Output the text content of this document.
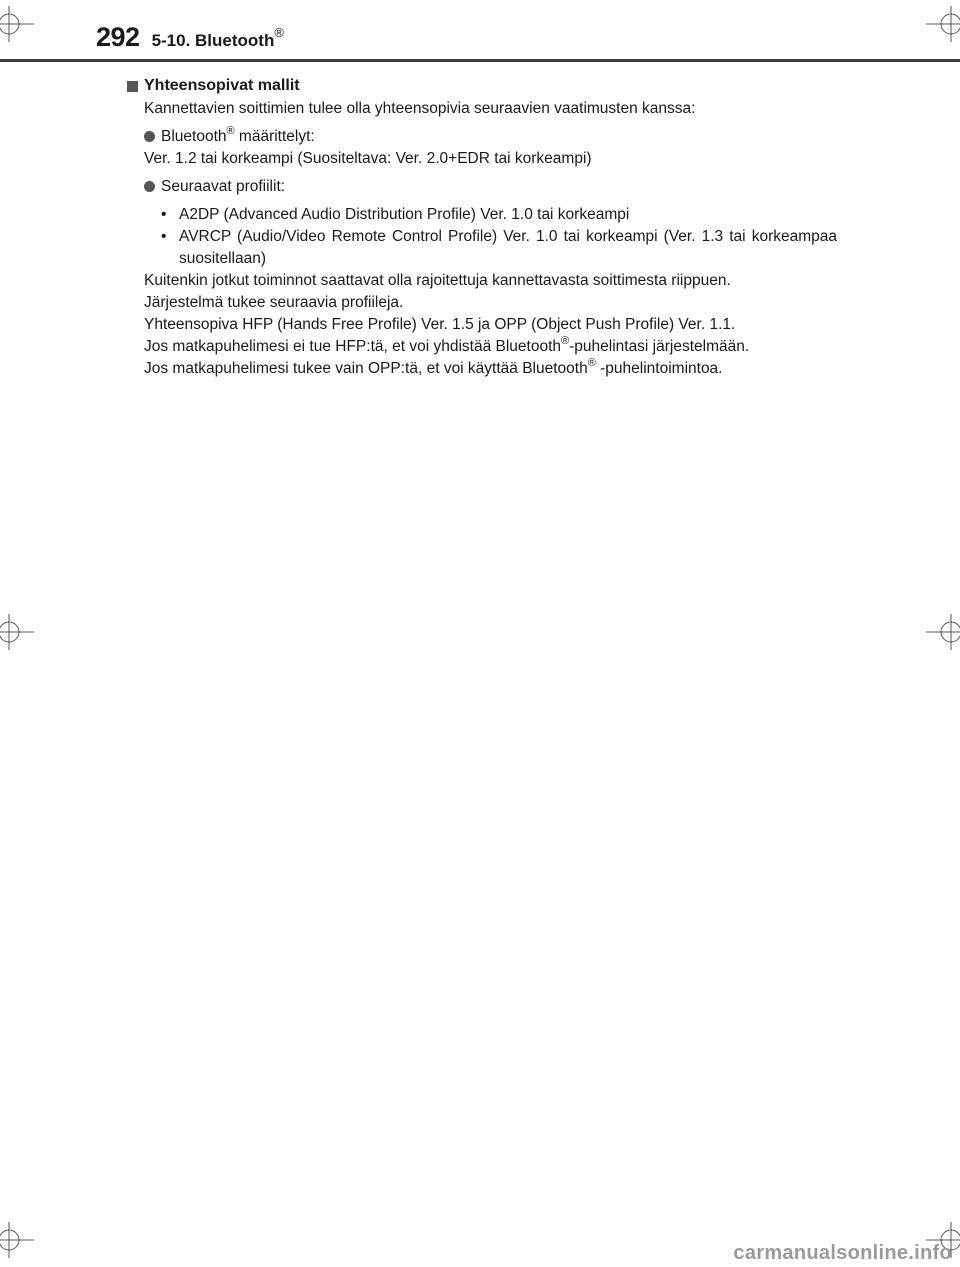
292 5-10. Bluetooth®
Yhteensopivat mallit

Kannettavien soittimien tulee olla yhteensopivia seuraavien vaatimusten kanssa:

Bluetooth® määrittelyt:

Ver. 1.2 tai korkeampi (Suositeltava: Ver. 2.0+EDR tai korkeampi)

Seuraavat profiilit:

• A2DP (Advanced Audio Distribution Profile) Ver. 1.0 tai korkeampi
• AVRCP (Audio/Video Remote Control Profile) Ver. 1.0 tai korkeampi (Ver. 1.3 tai korkeampaa suositellaan)

Kuitenkin jotkut toiminnot saattavat olla rajoitettuja kannettavasta soittimesta riippuen.

Järjestelmä tukee seuraavia profiileja.

Yhteensopiva HFP (Hands Free Profile) Ver. 1.5 ja OPP (Object Push Profile) Ver. 1.1.

Jos matkapuhelimesi ei tue HFP:tä, et voi yhdistää Bluetooth®-puhelintasi järjestelmään.

Jos matkapuhelimesi tukee vain OPP:tä, et voi käyttää Bluetooth® -puhelintoimintoa.

carmanualsonline.info
